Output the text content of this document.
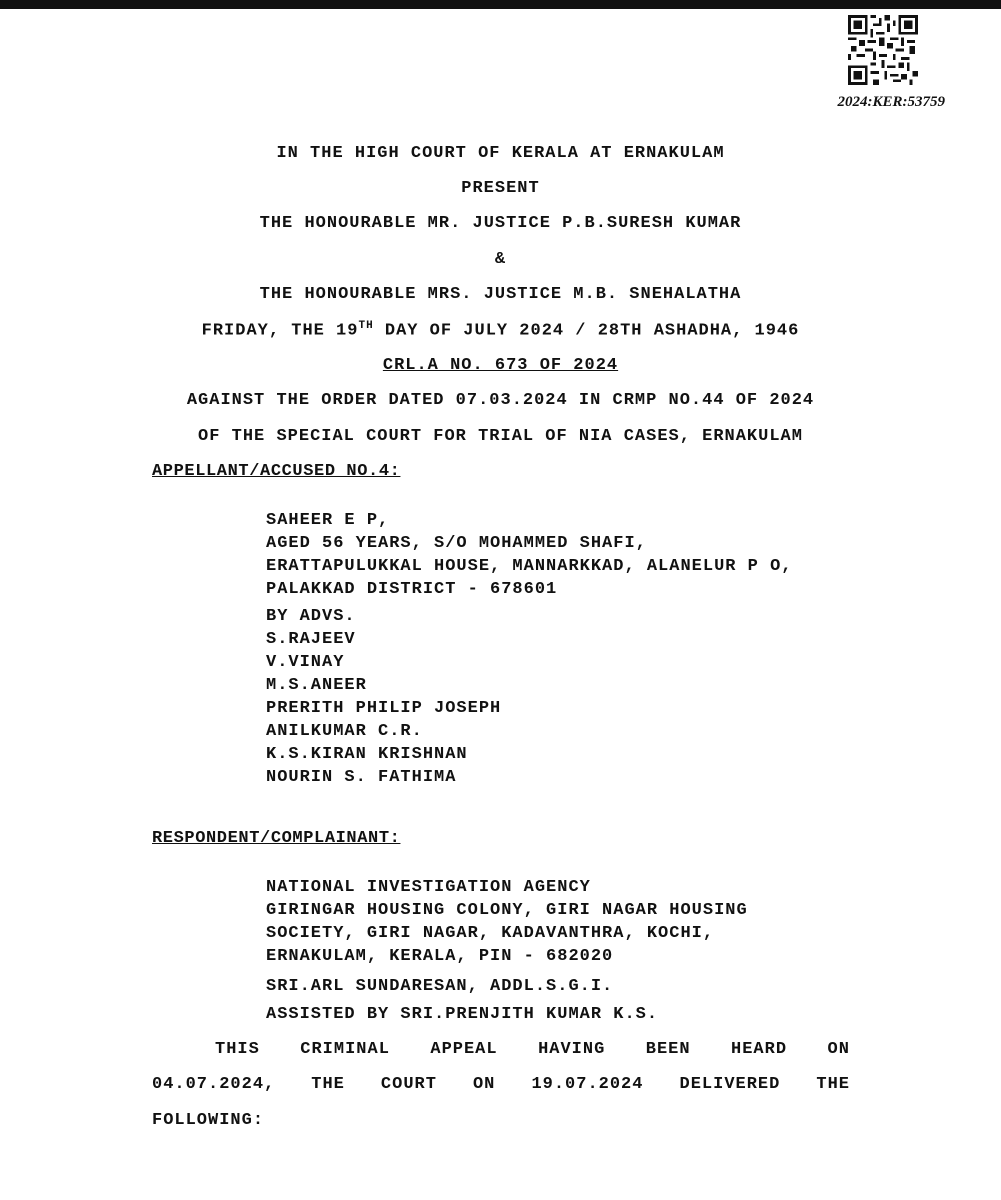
2024:KER:53759
IN THE HIGH COURT OF KERALA AT ERNAKULAM
PRESENT
THE HONOURABLE MR. JUSTICE P.B.SURESH KUMAR
&
THE HONOURABLE MRS. JUSTICE M.B. SNEHALATHA
FRIDAY, THE 19TH DAY OF JULY 2024 / 28TH ASHADHA, 1946
CRL.A NO. 673 OF 2024
AGAINST THE ORDER DATED 07.03.2024 IN CRMP NO.44 OF 2024
OF THE SPECIAL COURT FOR TRIAL OF NIA CASES, ERNAKULAM
APPELLANT/ACCUSED NO.4:
SAHEER E P,
AGED 56 YEARS, S/O MOHAMMED SHAFI,
ERATTAPULUKKAL HOUSE, MANNARKKAD, ALANELUR P O,
PALAKKAD DISTRICT - 678601
BY ADVS.
S.RAJEEV
V.VINAY
M.S.ANEER
PRERITH PHILIP JOSEPH
ANILKUMAR C.R.
K.S.KIRAN KRISHNAN
NOURIN S. FATHIMA
RESPONDENT/COMPLAINANT:
NATIONAL INVESTIGATION AGENCY
GIRINGAR HOUSING COLONY, GIRI NAGAR HOUSING
SOCIETY, GIRI NAGAR, KADAVANTHRA, KOCHI,
ERNAKULAM, KERALA, PIN - 682020
SRI.ARL SUNDARESAN, ADDL.S.G.I.
ASSISTED BY SRI.PRENJITH KUMAR K.S.
THIS CRIMINAL APPEAL HAVING BEEN HEARD ON
04.07.2024, THE COURT ON 19.07.2024 DELIVERED THE
FOLLOWING:
